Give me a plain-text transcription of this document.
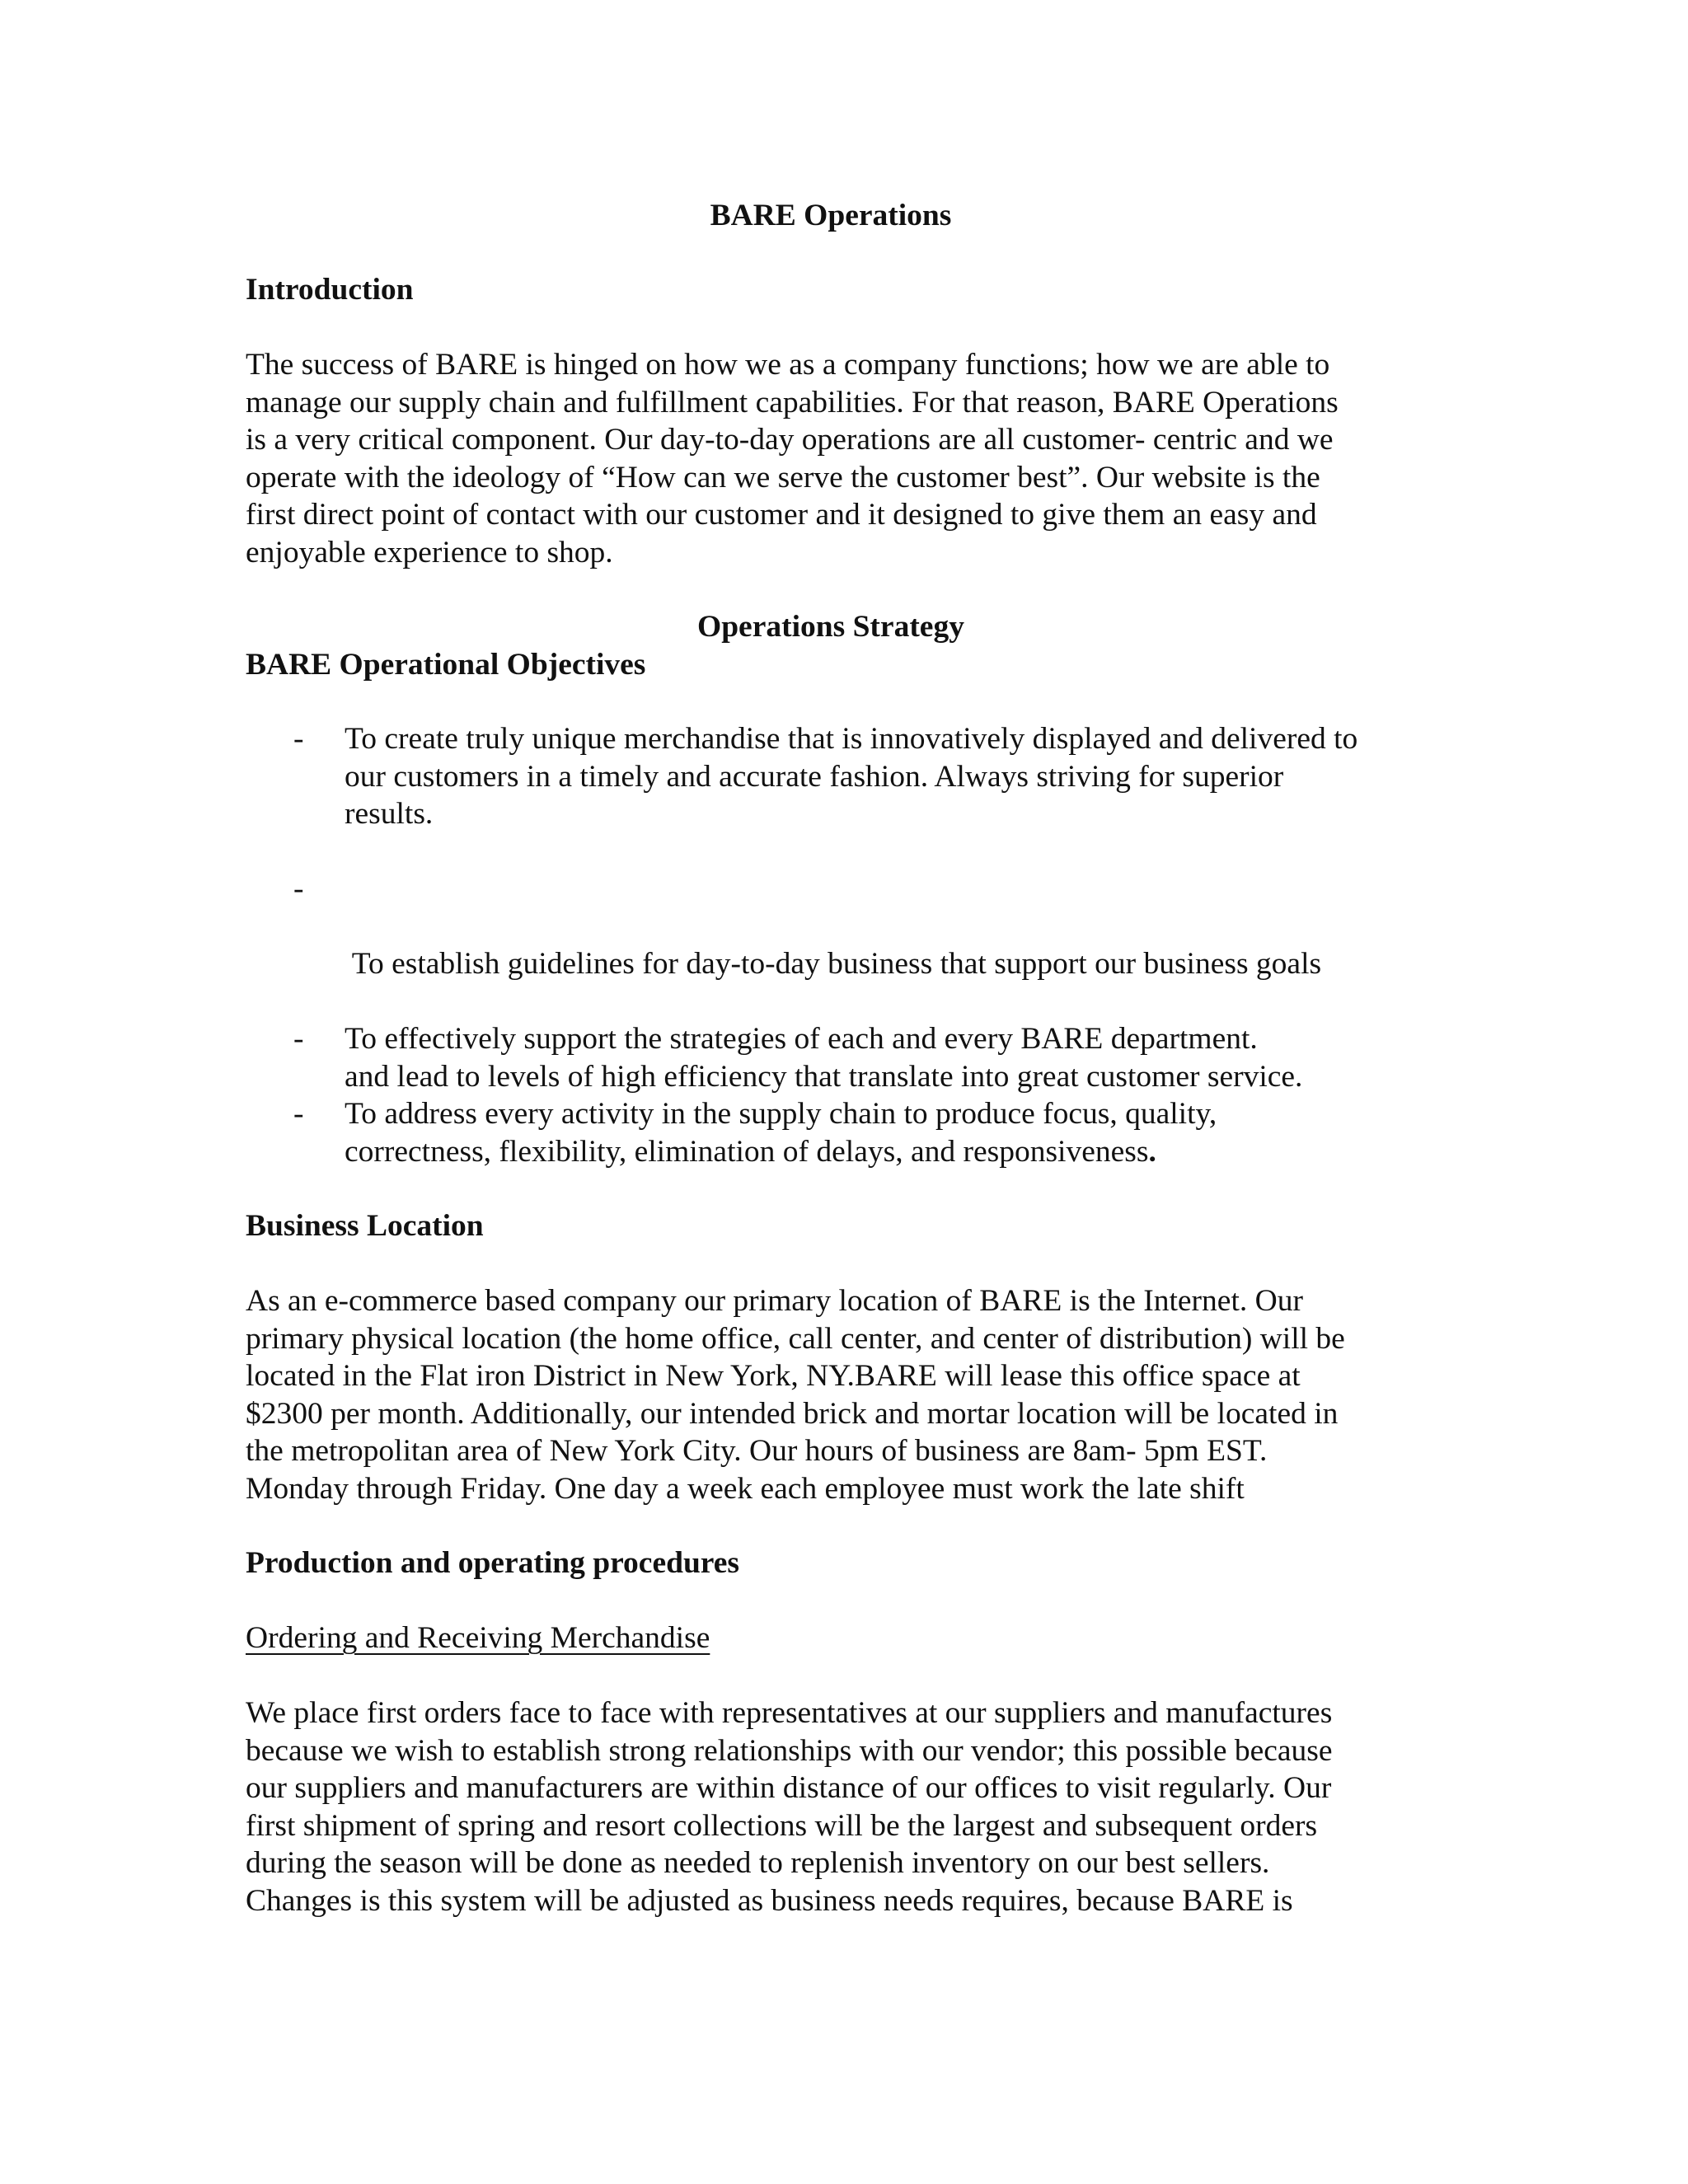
BARE Operations
Introduction
The success of BARE is hinged on how we as a company functions; how we are able to
manage our supply chain and fulfillment capabilities. For that reason, BARE Operations
is a very critical component. Our day-to-day operations are all customer- centric and we
operate with the ideology of “How can we serve the customer best”. Our website is the
first direct point of contact with our customer and it designed to give them an easy and
enjoyable experience to shop.
Operations Strategy
BARE Operational Objectives
- To create truly unique merchandise that is innovatively displayed and delivered to
our customers in a timely and accurate fashion. Always striving for superior
results.
-

To establish guidelines for day-to-day business that support our business goals

and lead to levels of high efficiency that translate into great customer service.

- To effectively support the strategies of each and every BARE department.
- To address every activity in the supply chain to produce focus, quality,
correctness, flexibility, elimination of delays, and responsiveness.
Business Location
As an e-commerce based company our primary location of BARE is the Internet. Our
primary physical location (the home office, call center, and center of distribution) will be
located in the Flat iron District in New York, NY.BARE will lease this office space at
$2300 per month. Additionally, our intended brick and mortar location will be located in
the metropolitan area of New York City. Our hours of business are 8am- 5pm EST.
Monday through Friday. One day a week each employee must work the late shift
Production and operating procedures
Ordering and Receiving Merchandise
We place first orders face to face with representatives at our suppliers and manufactures
because we wish to establish strong relationships with our vendor; this possible because
our suppliers and manufacturers are within distance of our offices to visit regularly. Our
first shipment of spring and resort collections will be the largest and subsequent orders
during the season will be done as needed to replenish inventory on our best sellers.
Changes is this system will be adjusted as business needs requires, because BARE is
